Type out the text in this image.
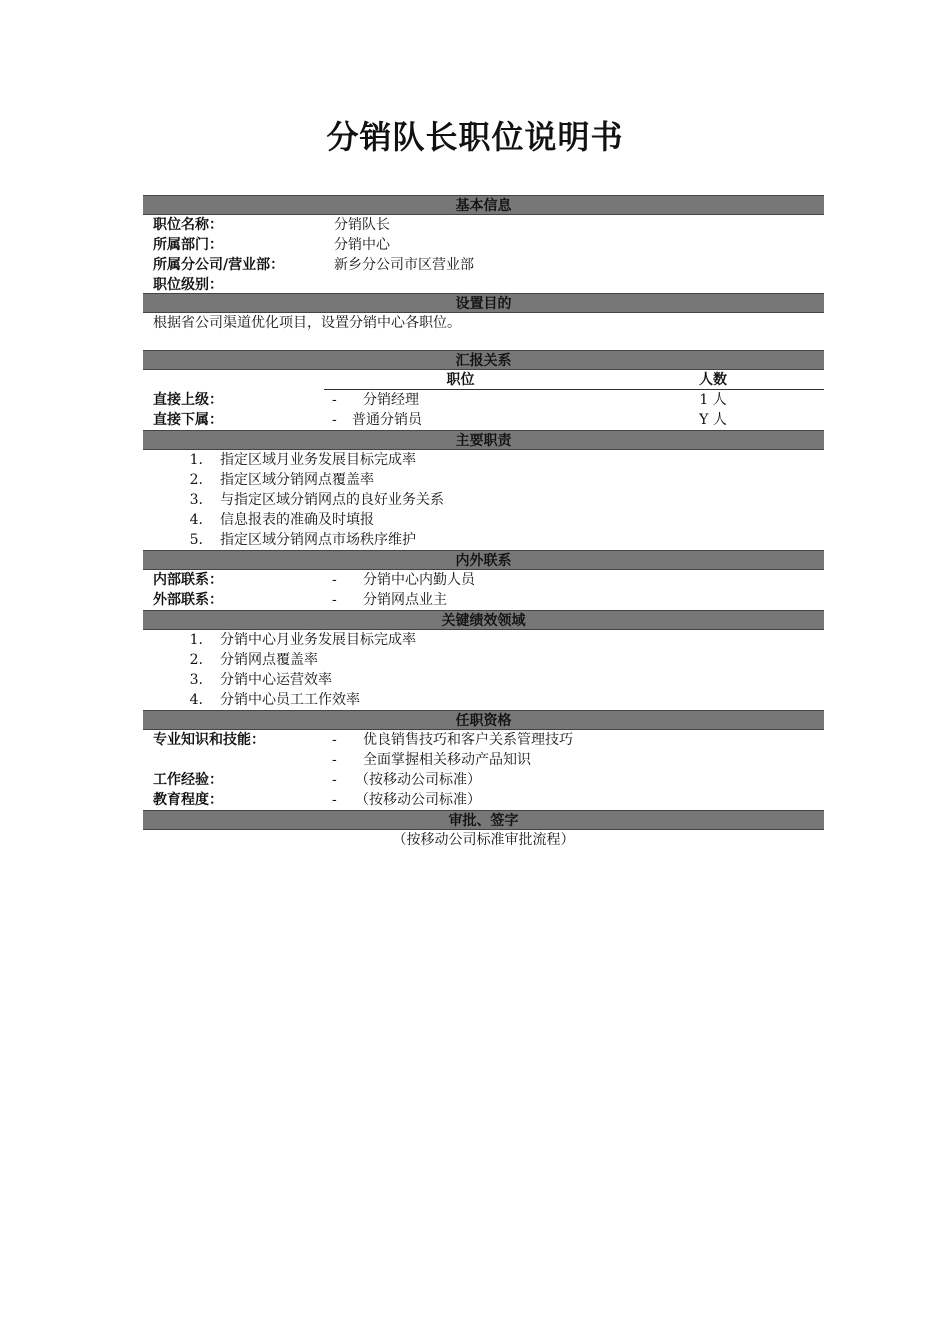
分销队长职位说明书
基本信息
职位名称：	分销队长
所属部门：	分销中心
所属分公司/营业部：	新乡分公司市区营业部
职位级别：
设置目的
根据省公司渠道优化项目，设置分销中心各职位。
汇报关系
职位	人数
直接上级：	- 分销经理	1 人
直接下属：	- 普通分销员	Y 人
主要职责
1. 指定区域月业务发展目标完成率
2. 指定区域分销网点覆盖率
3. 与指定区域分销网点的良好业务关系
4. 信息报表的准确及时填报
5. 指定区域分销网点市场秩序维护
内外联系
内部联系：	- 分销中心内勤人员
外部联系：	- 分销网点业主
关键绩效领域
1. 分销中心月业务发展目标完成率
2. 分销网点覆盖率
3. 分销中心运营效率
4. 分销中心员工工作效率
任职资格
专业知识和技能：	- 优良销售技巧和客户关系管理技巧
- 全面掌握相关移动产品知识
工作经验：	- （按移动公司标准）
教育程度：	- （按移动公司标准）
审批、签字
（按移动公司标准审批流程）
